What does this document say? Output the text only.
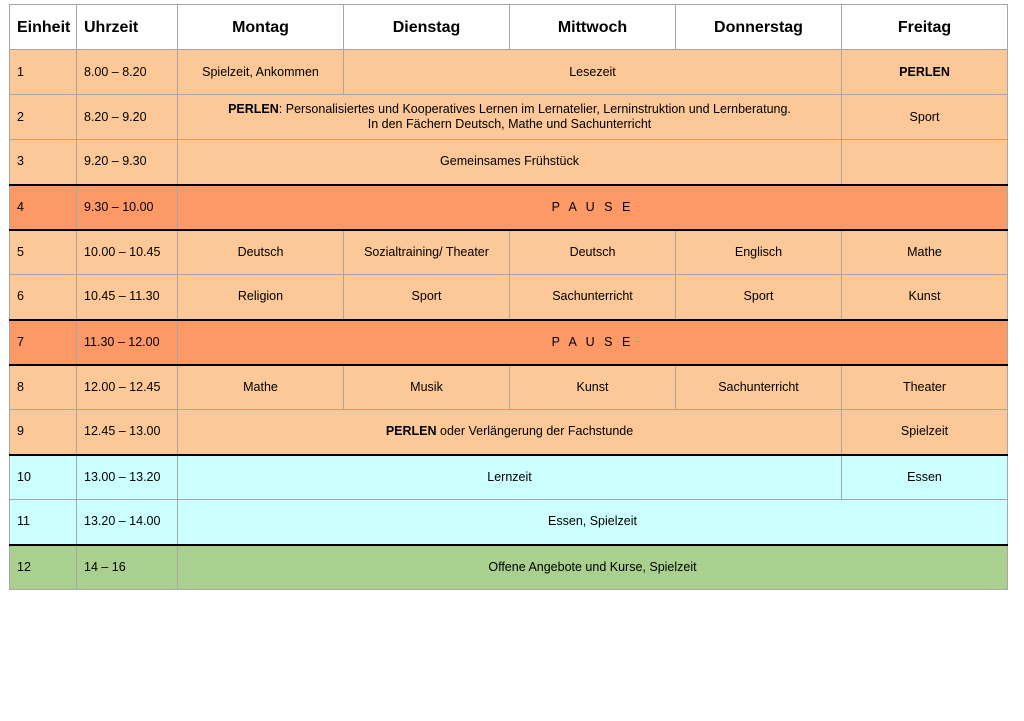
Einheit	Uhrzeit	Montag	Dienstag	Mittwoch	Donnerstag	Freitag
1	8.00 – 8.20	Spielzeit, Ankommen	Lesezeit			PERLEN
2	8.20 – 9.20	PERLEN: Personalisiertes und Kooperatives Lernen im Lernatelier, Lerninstruktion und Lernberatung.
In den Fächern Deutsch, Mathe und Sachunterricht				Sport
3	9.20 – 9.30	Gemeinsames Frühstück				
4	9.30 – 10.00	P A U S E				
5	10.00 – 10.45	Deutsch	Sozialtraining/ Theater	Deutsch	Englisch	Mathe
6	10.45 – 11.30	Religion	Sport	Sachunterricht	Sport	Kunst
7	11.30 – 12.00	P A U S E				
8	12.00 – 12.45	Mathe	Musik	Kunst	Sachunterricht	Theater
9	12.45 – 13.00	PERLEN oder Verlängerung der Fachstunde				Spielzeit
10	13.00 – 13.20	Lernzeit				Essen
11	13.20 – 14.00	Essen, Spielzeit				
12	14 – 16	Offene Angebote und Kurse, Spielzeit				
